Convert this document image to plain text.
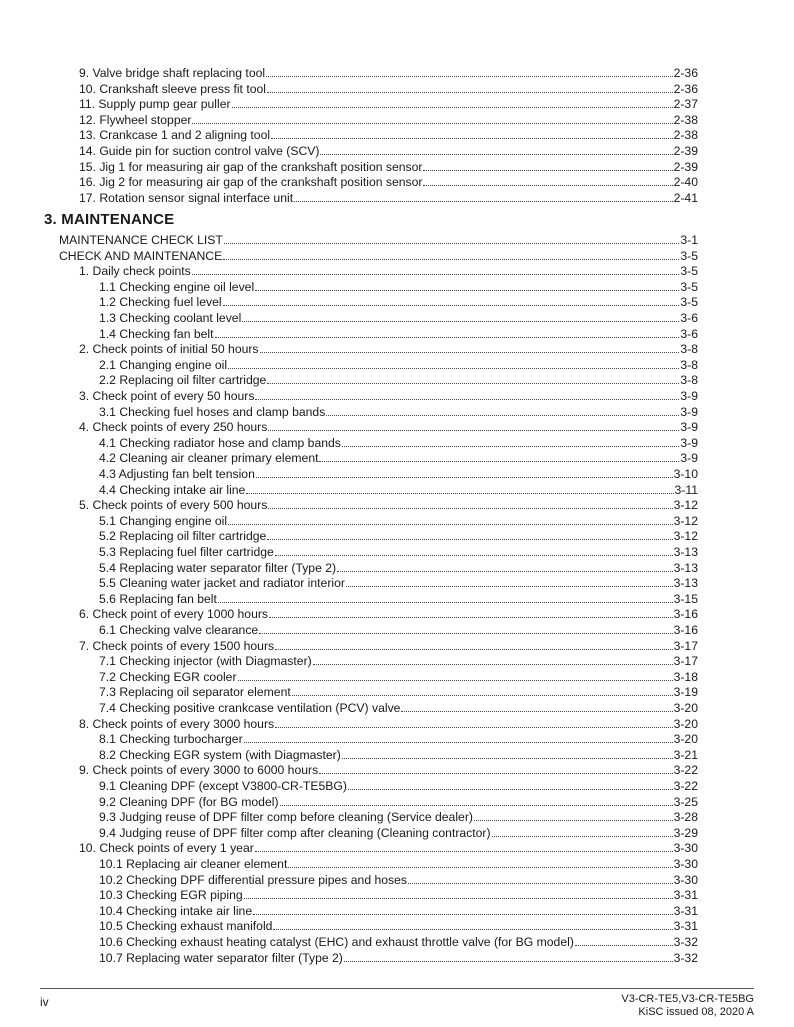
9. Valve bridge shaft replacing tool	2-36
10. Crankshaft sleeve press fit tool	2-36
11. Supply pump gear puller	2-37
12. Flywheel stopper	2-38
13. Crankcase 1 and 2 aligning tool	2-38
14. Guide pin for suction control valve (SCV)	2-39
15. Jig 1 for measuring air gap of the crankshaft position sensor	2-39
16. Jig 2 for measuring air gap of the crankshaft position sensor	2-40
17. Rotation sensor signal interface unit	2-41
MAINTENANCE CHECK LIST	3-1
CHECK AND MAINTENANCE	3-5
1. Daily check points	3-5
1.1 Checking engine oil level	3-5
1.2 Checking fuel level	3-5
1.3 Checking coolant level	3-6
1.4 Checking fan belt	3-6
2. Check points of initial 50 hours	3-8
2.1 Changing engine oil	3-8
2.2 Replacing oil filter cartridge	3-8
3. Check point of every 50 hours	3-9
3.1 Checking fuel hoses and clamp bands	3-9
4. Check points of every 250 hours	3-9
4.1 Checking radiator hose and clamp bands	3-9
4.2 Cleaning air cleaner primary element	3-9
4.3 Adjusting fan belt tension	3-10
4.4 Checking intake air line	3-11
5. Check points of every 500 hours	3-12
5.1 Changing engine oil	3-12
5.2 Replacing oil filter cartridge	3-12
5.3 Replacing fuel filter cartridge	3-13
5.4 Replacing water separator filter (Type 2)	3-13
5.5 Cleaning water jacket and radiator interior	3-13
5.6 Replacing fan belt	3-15
6. Check point of every 1000 hours	3-16
6.1 Checking valve clearance	3-16
7. Check points of every 1500 hours	3-17
7.1 Checking injector (with Diagmaster)	3-17
7.2 Checking EGR cooler	3-18
7.3 Replacing oil separator element	3-19
7.4 Checking positive crankcase ventilation (PCV) valve	3-20
8. Check points of every 3000 hours	3-20
8.1 Checking turbocharger	3-20
8.2 Checking EGR system (with Diagmaster)	3-21
9. Check points of every 3000 to 6000 hours	3-22
9.1 Cleaning DPF (except V3800-CR-TE5BG)	3-22
9.2 Cleaning DPF (for BG model)	3-25
9.3 Judging reuse of DPF filter comp before cleaning (Service dealer)	3-28
9.4 Judging reuse of DPF filter comp after cleaning (Cleaning contractor)	3-29
10. Check points of every 1 year	3-30
10.1 Replacing air cleaner element	3-30
10.2 Checking DPF differential pressure pipes and hoses	3-30
10.3 Checking EGR piping	3-31
10.4 Checking intake air line	3-31
10.5 Checking exhaust manifold	3-31
10.6 Checking exhaust heating catalyst (EHC) and exhaust throttle valve (for BG model)	3-32
10.7 Replacing water separator filter (Type 2)	3-32
3. MAINTENANCE
iv	V3-CR-TE5,V3-CR-TE5BG
KiSC issued 08, 2020 A
